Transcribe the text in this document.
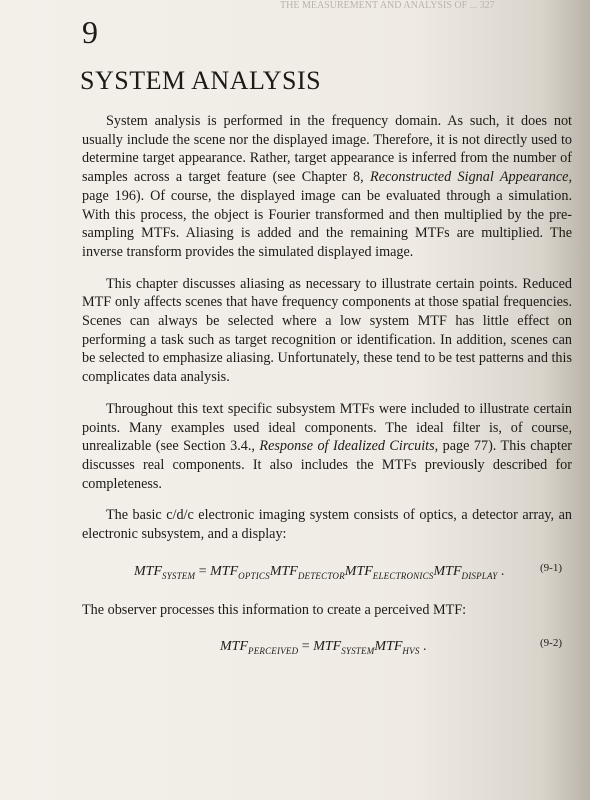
THE MEASUREMENT AND ANALYSIS OF ... 327
9
SYSTEM ANALYSIS

System analysis is performed in the frequency domain. As such, it does not usually include the scene nor the displayed image. Therefore, it is not directly used to determine target appearance. Rather, target appearance is inferred from the number of samples across a target feature (see Chapter 8, Reconstructed Signal Appearance, page 196). Of course, the displayed image can be evaluated through a simulation. With this process, the object is Fourier transformed and then multiplied by the pre-sampling MTFs. Aliasing is added and the remaining MTFs are multiplied. The inverse transform provides the simulated displayed image.

This chapter discusses aliasing as necessary to illustrate certain points. Reduced MTF only affects scenes that have frequency components at those spatial frequencies. Scenes can always be selected where a low system MTF has little effect on performing a task such as target recognition or identification. In addition, scenes can be selected to emphasize aliasing. Unfortunately, these tend to be test patterns and this complicates data analysis.

Throughout this text specific subsystem MTFs were included to illustrate certain points. Many examples used ideal components. The ideal filter is, of course, unrealizable (see Section 3.4., Response of Idealized Circuits, page 77). This chapter discusses real components. It also includes the MTFs previously described for completeness.

The basic c/d/c electronic imaging system consists of optics, a detector array, an electronic subsystem, and a display:

$MTF_{SYSTEM} = MTF_{OPTICS}MTF_{DETECTOR}MTF_{ELECTRONICS}MTF_{DISPLAY}$ .	(9-1)

The observer processes this information to create a perceived MTF:

$MTF_{PERCEIVED} = MTF_{SYSTEM}MTF_{HVS}$ .	(9-2)
